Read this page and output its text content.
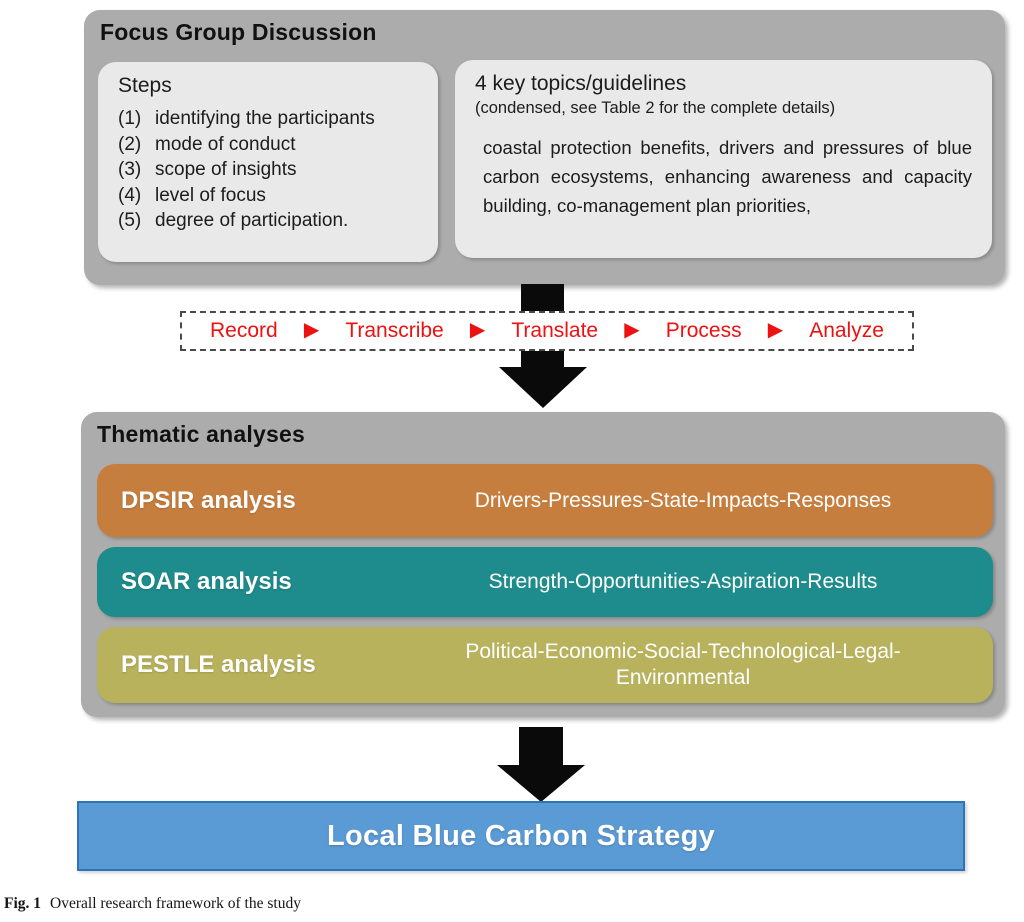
Focus Group Discussion
Steps
(1) identifying the participants
(2) mode of conduct
(3) scope of insights
(4) level of focus
(5) degree of participation.
4 key topics/guidelines
(condensed, see Table 2 for the complete details)
coastal protection benefits, drivers and pressures of blue carbon ecosystems, enhancing awareness and capacity building, co-management plan priorities,
Record ▶ Transcribe ▶ Translate ▶ Process ▶ Analyze
Thematic analyses
DPSIR analysis	Drivers-Pressures-State-Impacts-Responses
SOAR analysis	Strength-Opportunities-Aspiration-Results
PESTLE analysis	Political-Economic-Social-Technological-Legal-Environmental
Local Blue Carbon Strategy
Fig. 1 Overall research framework of the study
